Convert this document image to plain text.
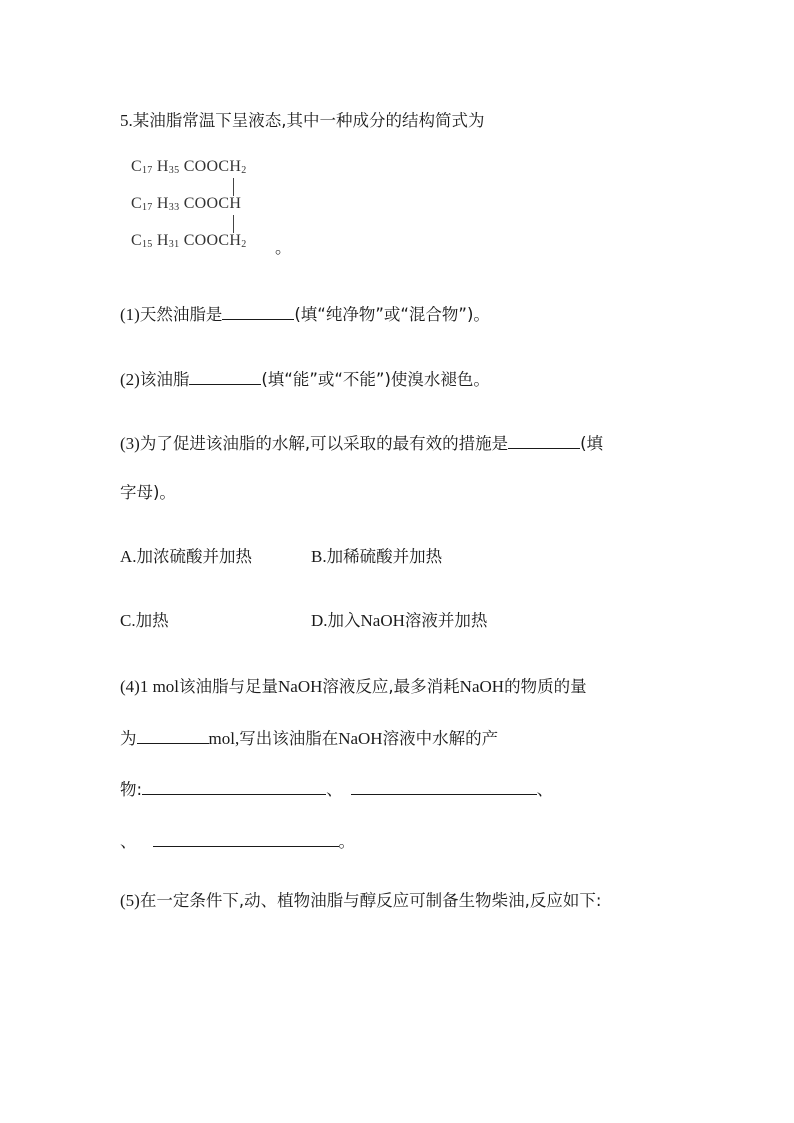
5.某油脂常温下呈液态,其中一种成分的结构简式为
$C_{17}$ $H_{35}$ $COOCH_2$
$C_{17}$ $H_{33}$ COOCH
$C_{15}$ $H_{31}$ $COOCH_2$ 。
(1)天然油脂是	(填“纯净物”或“混合物”)。
(2)该油脂	(填“能”或“不能”)使溴水褪色。
(3)为了促进该油脂的水解,可以采取的最有效的措施是	(填
字母)。
A.加浓硫酸并加热	B.加稀硫酸并加热
C.加热	D.加入NaOH溶液并加热
(4)1 mol该油脂与足量NaOH溶液反应,最多消耗NaOH的物质的量
为	mol,写出该油脂在NaOH溶液中水解的产
物:	、	、
、	。
(5)在一定条件下,动、植物油脂与醇反应可制备生物柴油,反应如下:
